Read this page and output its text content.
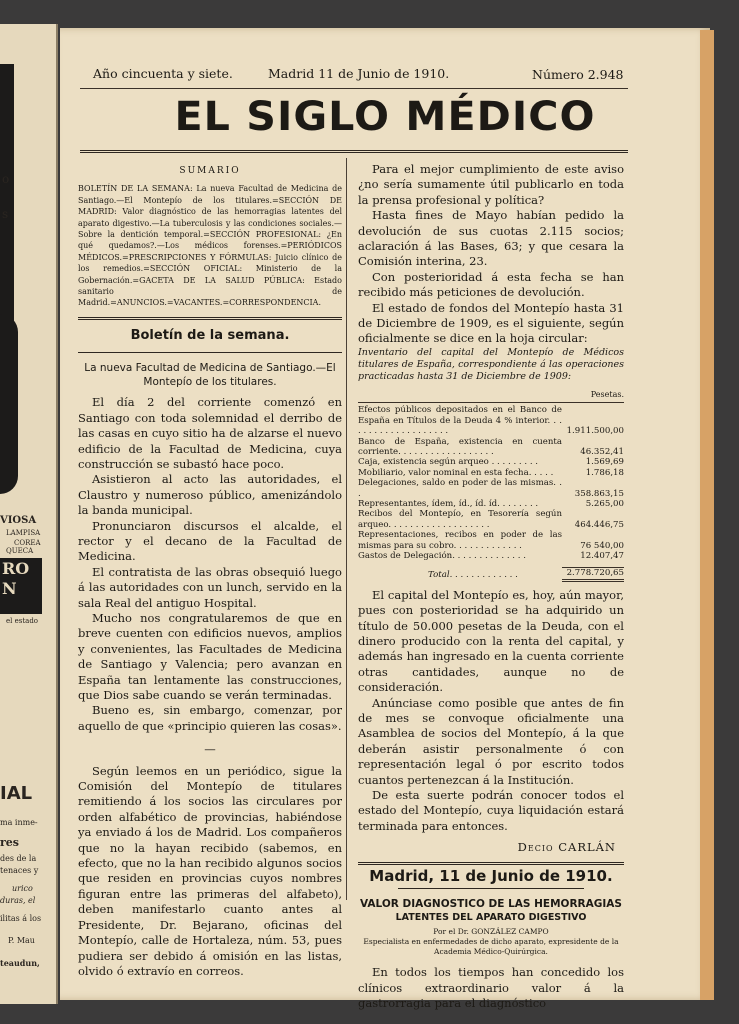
o
s
VIOSA
LAMPISA
COREA
QUECA
RO
N
el estado
IAL
ma inme-
res
des de la
tenaces y
urico
duras, el
ilitas á los
P. Mau
teaudun,
Año cincuenta y siete.	Madrid 11 de Junio de 1910.	Número 2.948
EL SIGLO MÉDICO
SUMARIO
BOLETÍN DE LA SEMANA: La nueva Facultad de Medicina de Santiago.—El Montepío de los titulares.=SECCIÓN DE MADRID: Valor diagnóstico de las hemorragias latentes del aparato digestivo.—La tuberculosis y las condiciones sociales.—Sobre la dentición temporal.=SECCIÓN PROFESIONAL: ¿En qué quedamos?.—Los médicos forenses.=PERIÓDICOS MÉDICOS.=PRESCRIPCIONES Y FÓRMULAS: Juicio clínico de los remedios.=SECCIÓN OFICIAL: Ministerio de la Gobernación.=GACETA DE LA SALUD PÚBLICA: Estado sanitario de Madrid.=ANUNCIOS.=VACANTES.=CORRESPONDENCIA.
Boletín de la semana.
La nueva Facultad de Medicina de Santiago.—El Montepío de los titulares.

El día 2 del corriente comenzó en Santiago con toda solemnidad el derribo de las casas en cuyo sitio ha de alzarse el nuevo edificio de la Facultad de Medicina, cuya construcción se subastó hace poco.

Asistieron al acto las autoridades, el Claustro y numeroso público, amenizándolo la banda municipal.

Pronunciaron discursos el alcalde, el rector y el decano de la Facultad de Medicina.

El contratista de las obras obsequió luego á las autoridades con un lunch, servido en la sala Real del antiguo Hospital.

Mucho nos congratularemos de que en breve cuenten con edificios nuevos, amplios y convenientes, las Facultades de Medicina de Santiago y Valencia; pero avanzan en España tan lentamente las construcciones, que Dios sabe cuando se verán terminadas.

Bueno es, sin embargo, comenzar, por aquello de que «principio quieren las cosas».

—

Según leemos en un periódico, sigue la Comisión del Montepío de titulares remitiendo á los socios las circulares por orden alfabético de provincias, habiéndose ya enviado á los de Madrid. Los compañeros que no la hayan recibido (sabemos, en efecto, que no la han recibido algunos socios que residen en provincias cuyos nombres figuran entre las primeras del alfabeto), deben manifestarlo cuanto antes al Presidente, Dr. Bejarano, oficinas del Montepío, calle de Hortaleza, núm. 53, pues pudiera ser debido á omisión en las listas, olvido ó extravío en correos.

Para el mejor cumplimiento de este aviso ¿no sería sumamente útil publicarlo en toda la prensa profesional y política?

Hasta fines de Mayo habían pedido la devolución de sus cuotas 2.115 socios; aclaración á las Bases, 63; y que cesara la Comisión interina, 23.

Con posterioridad á esta fecha se han recibido más peticiones de devolución.

El estado de fondos del Montepío hasta 31 de Diciembre de 1909, es el siguiente, según oficialmente se dice en la hoja circular:

Inventario del capital del Montepío de Médicos titulares de España, correspondiente á las operaciones practicadas hasta 31 de Diciembre de 1909:

Pesetas.
Efectos públicos depositados en el Banco de España en Títulos de la Deuda 4 % interior. . . . . . . . . . . . . . . . . . . .	1.911.500,00
Banco de España, existencia en cuenta corriente. . . . . . . . . . . . . . . . . .	46.352,41
Caja, existencia según arqueo . . . . . . . . .	1.569,69
Mobiliario, valor nominal en esta fecha. . . . .	1.786,18
Delegaciones, saldo en poder de las mismas. . .	358.863,15
Representantes, ídem, íd., íd. íd. . . . . . . .	5.265,00
Recibos del Montepío, en Tesorería según arqueo. . . . . . . . . . . . . . . . . . .	464.446,75
Representaciones, recibos en poder de las mismas para su cobro. . . . . . . . . . . . .	76 540,00
Gastos de Delegación. . . . . . . . . . . . . .	12.407,47
Total. . . . . . . . . . . . .	2.778.720,65

El capital del Montepío es, hoy, aún mayor, pues con posterioridad se ha adquirido un título de 50.000 pesetas de la Deuda, con el dinero producido con la renta del capital, y además han ingresado en la cuenta corriente otras cantidades, aunque no de consideración.

Anúnciase como posible que antes de fin de mes se convoque oficialmente una Asamblea de socios del Montepío, á la que deberán asistir personalmente ó con representación legal ó por escrito todos cuantos pertenezcan á la Institución.

De esta suerte podrán conocer todos el estado del Montepío, cuya liquidación estará terminada para entonces.

Decio CARLÁN

Madrid, 11 de Junio de 1910.
VALOR DIAGNOSTICO DE LAS HEMORRAGIAS
LATENTES DEL APARATO DIGESTIVO
Por el Dr. GONZÁLEZ CAMPO
Especialista en enfermedades de dicho aparato, expresidente de la Academia Médico-Quirúrgica.

En todos los tiempos han concedido los clínicos extraordinario valor á la gastrorragia para el diagnóstico
